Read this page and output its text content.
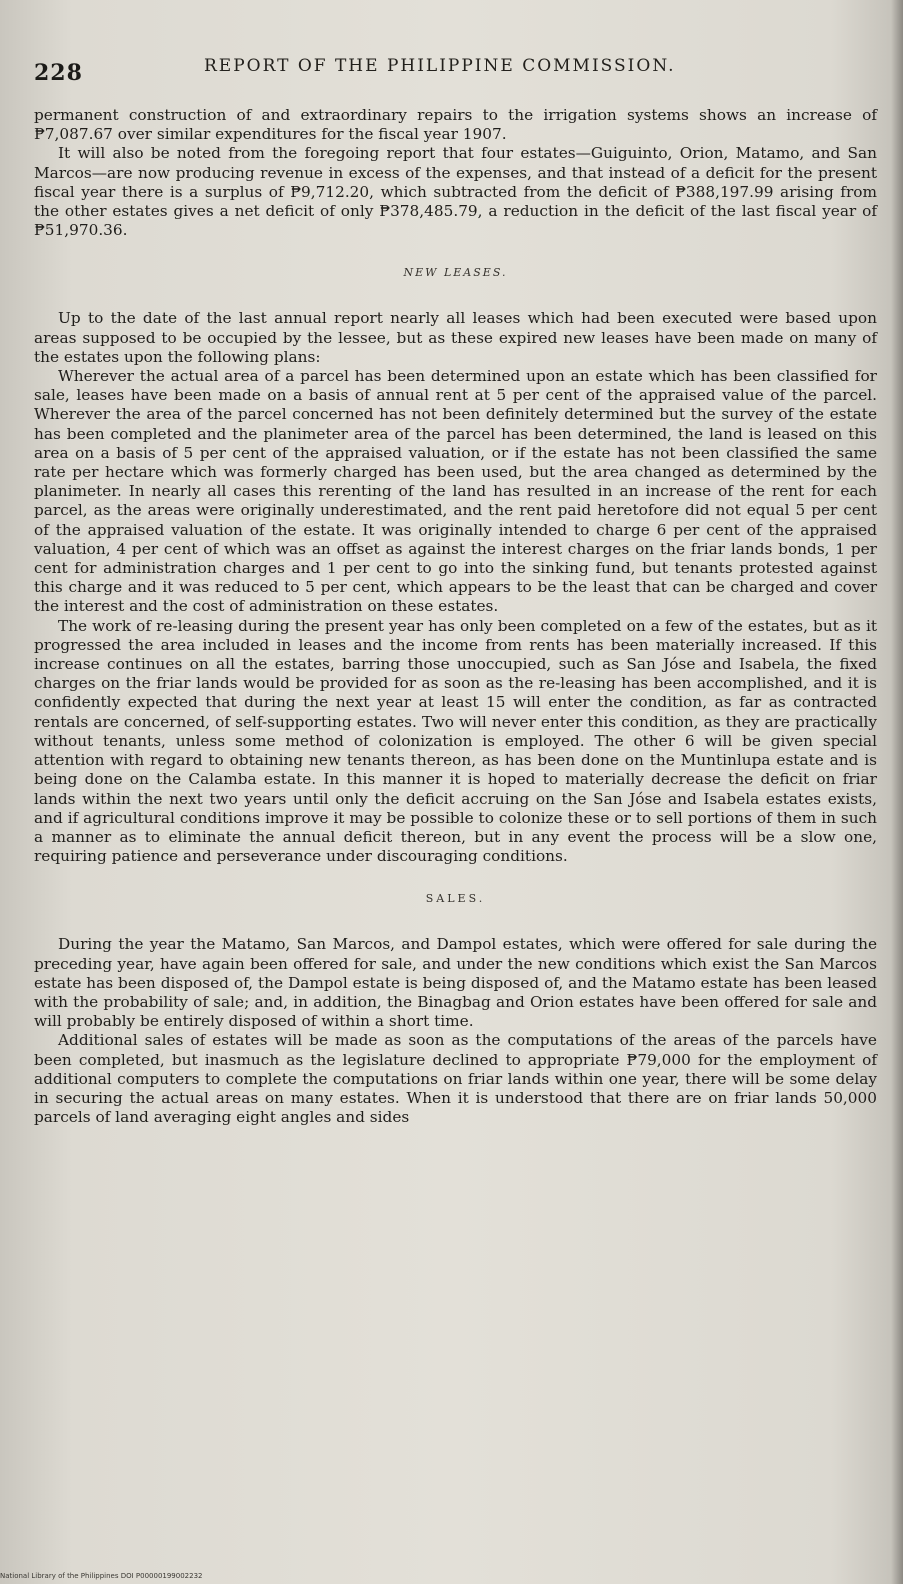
228	REPORT OF THE PHILIPPINE COMMISSION.

permanent construction of and extraordinary repairs to the irrigation systems shows an increase of ₱7,087.67 over similar expenditures for the fiscal year 1907.

It will also be noted from the foregoing report that four estates—Guiguinto, Orion, Matamo, and San Marcos—are now producing revenue in excess of the expenses, and that instead of a deficit for the present fiscal year there is a surplus of ₱9,712.20, which subtracted from the deficit of ₱388,197.99 arising from the other estates gives a net deficit of only ₱378,485.79, a reduction in the deficit of the last fiscal year of ₱51,970.36.

NEW LEASES.

Up to the date of the last annual report nearly all leases which had been executed were based upon areas supposed to be occupied by the lessee, but as these expired new leases have been made on many of the estates upon the following plans:

Wherever the actual area of a parcel has been determined upon an estate which has been classified for sale, leases have been made on a basis of annual rent at 5 per cent of the appraised value of the parcel. Wherever the area of the parcel concerned has not been definitely determined but the survey of the estate has been completed and the planimeter area of the parcel has been determined, the land is leased on this area on a basis of 5 per cent of the appraised valuation, or if the estate has not been classified the same rate per hectare which was formerly charged has been used, but the area changed as determined by the planimeter. In nearly all cases this rerenting of the land has resulted in an increase of the rent for each parcel, as the areas were originally underestimated, and the rent paid heretofore did not equal 5 per cent of the appraised valuation of the estate. It was originally intended to charge 6 per cent of the appraised valuation, 4 per cent of which was an offset as against the interest charges on the friar lands bonds, 1 per cent for administration charges and 1 per cent to go into the sinking fund, but tenants protested against this charge and it was reduced to 5 per cent, which appears to be the least that can be charged and cover the interest and the cost of administration on these estates.

The work of re-leasing during the present year has only been completed on a few of the estates, but as it progressed the area included in leases and the income from rents has been materially increased. If this increase continues on all the estates, barring those unoccupied, such as San Jóse and Isabela, the fixed charges on the friar lands would be provided for as soon as the re-leasing has been accomplished, and it is confidently expected that during the next year at least 15 will enter the condition, as far as contracted rentals are concerned, of self-supporting estates. Two will never enter this condition, as they are practically without tenants, unless some method of colonization is employed. The other 6 will be given special attention with regard to obtaining new tenants thereon, as has been done on the Muntinlupa estate and is being done on the Calamba estate. In this manner it is hoped to materially decrease the deficit on friar lands within the next two years until only the deficit accruing on the San Jóse and Isabela estates exists, and if agricultural conditions improve it may be possible to colonize these or to sell portions of them in such a manner as to eliminate the annual deficit thereon, but in any event the process will be a slow one, requiring patience and perseverance under discouraging conditions.

SALES.

During the year the Matamo, San Marcos, and Dampol estates, which were offered for sale during the preceding year, have again been offered for sale, and under the new conditions which exist the San Marcos estate has been disposed of, the Dampol estate is being disposed of, and the Matamo estate has been leased with the probability of sale; and, in addition, the Binagbag and Orion estates have been offered for sale and will probably be entirely disposed of within a short time.

Additional sales of estates will be made as soon as the computations of the areas of the parcels have been completed, but inasmuch as the legislature declined to appropriate ₱79,000 for the employment of additional computers to complete the computations on friar lands within one year, there will be some delay in securing the actual areas on many estates. When it is understood that there are on friar lands 50,000 parcels of land averaging eight angles and sides

National Library of the Philippines DOI P00000199002232
